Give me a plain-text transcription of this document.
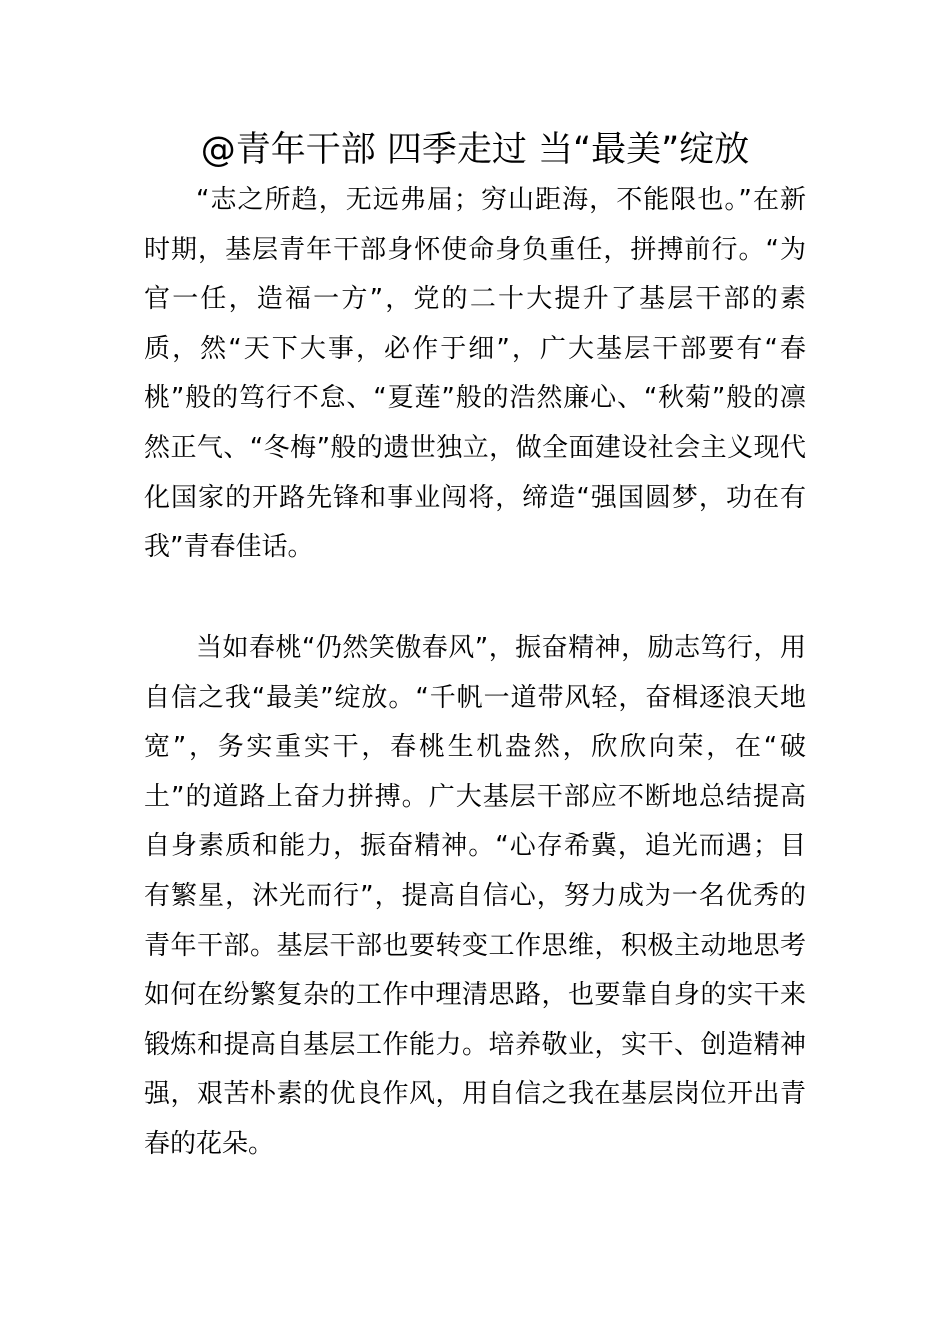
@青年干部 四季走过 当“最美”绽放

“志之所趋，无远弗届；穷山距海，不能限也。”在新时期，基层青年干部身怀使命身负重任，拼搏前行。“为官一任，造福一方”，党的二十大提升了基层干部的素质，然“天下大事，必作于细”，广大基层干部要有“春桃”般的笃行不怠、“夏莲”般的浩然廉心、“秋菊”般的凛然正气、“冬梅”般的遗世独立，做全面建设社会主义现代化国家的开路先锋和事业闯将，缔造“强国圆梦，功在有我”青春佳话。

当如春桃“仍然笑傲春风”，振奋精神，励志笃行，用自信之我“最美”绽放。“千帆一道带风轻，奋楫逐浪天地宽”，务实重实干，春桃生机盎然，欣欣向荣，在“破土”的道路上奋力拼搏。广大基层干部应不断地总结提高自身素质和能力，振奋精神。“心存希冀，追光而遇；目有繁星，沐光而行”，提高自信心，努力成为一名优秀的青年干部。基层干部也要转变工作思维，积极主动地思考如何在纷繁复杂的工作中理清思路，也要靠自身的实干来锻炼和提高自基层工作能力。培养敬业，实干、创造精神强，艰苦朴素的优良作风，用自信之我在基层岗位开出青春的花朵。
